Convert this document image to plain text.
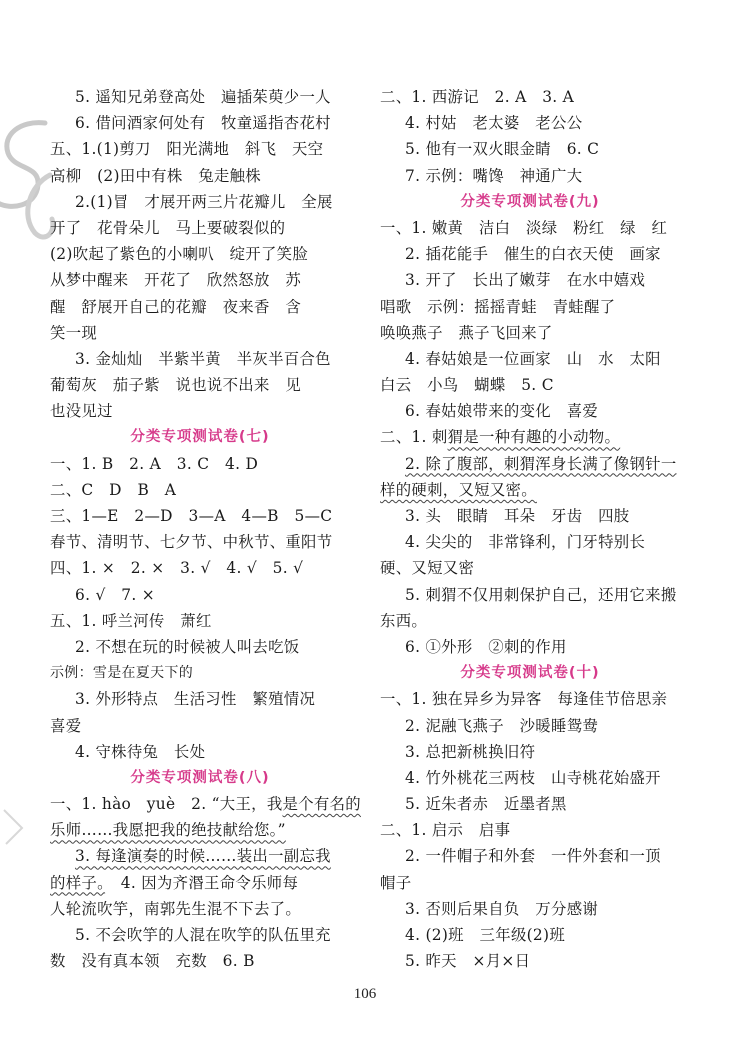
5. 遥知兄弟登高处　遍插茱萸少一人
6. 借问酒家何处有　牧童遥指杏花村
五、1.(1)剪刀　阳光满地　斜飞　天空
高柳　(2)田中有株　兔走触株
2.(1)冒　才展开两三片花瓣儿　全展
开了　花骨朵儿　马上要破裂似的
(2)吹起了紫色的小喇叭　绽开了笑脸
从梦中醒来　开花了　欣然怒放　苏
醒　舒展开自己的花瓣　夜来香　含
笑一现
3. 金灿灿　半紫半黄　半灰半百合色
葡萄灰　茄子紫　说也说不出来　见
也没见过
分类专项测试卷(七)
一、1. B　2. A　3. C　4. D
二、C　D　B　A
三、1—E　2—D　3—A　4—B　5—C
春节、清明节、七夕节、中秋节、重阳节
四、1. ×　2. ×　3. √　4. √　5. √
6. √　7. ×
五、1. 呼兰河传　萧红
2. 不想在玩的时候被人叫去吃饭
示例：雪是在夏天下的
3. 外形特点　生活习性　繁殖情况
喜爱
4. 守株待兔　长处
分类专项测试卷(八)
一、1. hào　yuè　2. “大王，我是个有名的
乐师……我愿把我的绝技献给您。”
3. 每逢演奏的时候……装出一副忘我
的样子。　4. 因为齐湣王命令乐师每
人轮流吹竽，南郭先生混不下去了。
5. 不会吹竽的人混在吹竽的队伍里充
数　没有真本领　充数　6. B
二、1. 西游记　2. A　3. A
4. 村姑　老太婆　老公公
5. 他有一双火眼金睛　6. C
7. 示例：嘴馋　神通广大
分类专项测试卷(九)
一、1. 嫩黄　洁白　淡绿　粉红　绿　红
2. 插花能手　催生的白衣天使　画家
3. 开了　长出了嫩芽　在水中嬉戏
唱歌　示例：摇摇青蛙　青蛙醒了
唤唤燕子　燕子飞回来了
4. 春姑娘是一位画家　山　水　太阳
白云　小鸟　蝴蝶　5. C
6. 春姑娘带来的变化　喜爱
二、1. 刺猬是一种有趣的小动物。
2. 除了腹部，刺猬浑身长满了像钢针一
样的硬刺，又短又密。
3. 头　眼睛　耳朵　牙齿　四肢
4. 尖尖的　非常锋利，门牙特别长
硬、又短又密
5. 刺猬不仅用刺保护自己，还用它来搬
东西。
6. ①外形　②刺的作用
分类专项测试卷(十)
一、1. 独在异乡为异客　每逢佳节倍思亲
2. 泥融飞燕子　沙暖睡鸳鸯
3. 总把新桃换旧符
4. 竹外桃花三两枝　山寺桃花始盛开
5. 近朱者赤　近墨者黑
二、1. 启示　启事
2. 一件帽子和外套　一件外套和一顶
帽子
3. 否则后果自负　万分感谢
4. (2)班　三年级(2)班
5. 昨天　×月×日
106
